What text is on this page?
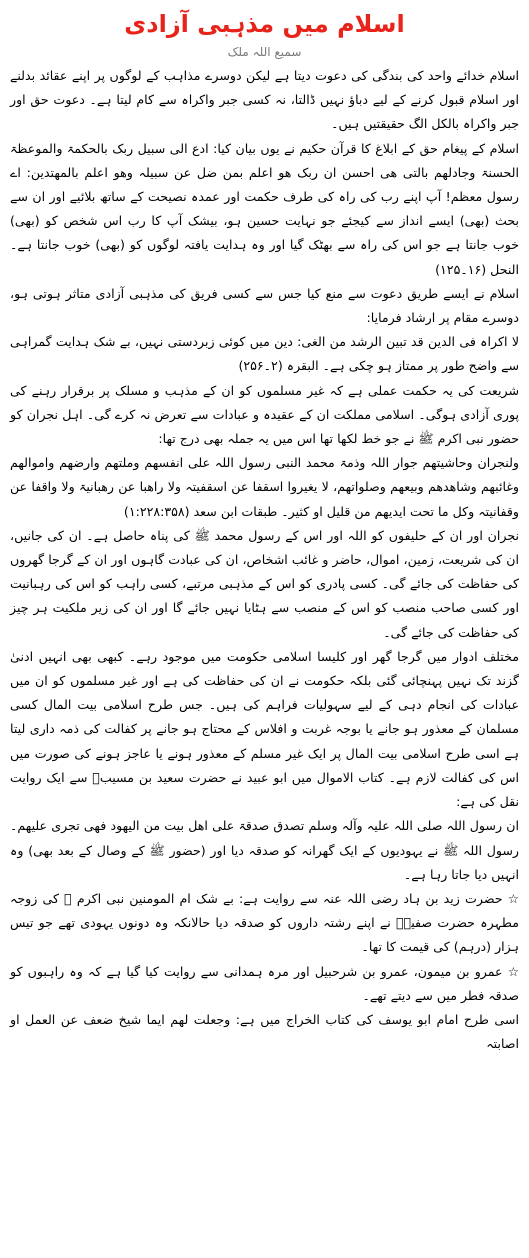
اسلام میں مذہبی آزادی

سمیع اللہ ملک

اسلام خدائے واحد کی بندگی کی دعوت دیتا ہے لیکن دوسرے مذاہب کے لوگوں پر اپنے عقائد بدلنے اور اسلام قبول کرنے کے لیے دباؤ نہیں ڈالتا، نہ کسی جبر واکراہ سے کام لیتا ہے۔ دعوت حق اور جبر واکراہ بالکل الگ حقیقتیں ہیں۔

اسلام کے پیغام حق کے ابلاغ کا قرآن حکیم نے یوں بیان کیا: ادع الی سبیل ربک بالحکمۃ والموعظۃ الحسنۃ وجادلھم بالتی ھی احسن ان ربک ھو اعلم بمن ضل عن سبیلہ وھو اعلم بالمھتدین: اے رسول معظم! آپ اپنے رب کی راہ کی طرف حکمت اور عمدہ نصیحت کے ساتھ بلائیے اور ان سے بحث (بھی) ایسے انداز سے کیجئے جو نہایت حسین ہو، بیشک آپ کا رب اس شخص کو (بھی) خوب جانتا ہے جو اس کی راہ سے بھٹک گیا اور وہ ہدایت یافتہ لوگوں کو (بھی) خوب جانتا ہے۔ النحل (۱۶۔۱۲۵)

اسلام نے ایسے طریق دعوت سے منع کیا جس سے کسی فریق کی مذہبی آزادی متاثر ہوتی ہو، دوسرے مقام پر ارشاد فرمایا:

لا اکراہ فی الدین قد تبین الرشد من الغی: دین میں کوئی زبردستی نہیں، بے شک ہدایت گمراہی سے واضح طور پر ممتاز ہو چکی ہے۔ البقرہ (۲۔۲۵۶)

شریعت کی یہ حکمت عملی ہے کہ غیر مسلموں کو ان کے مذہب و مسلک پر برقرار رہنے کی پوری آزادی ہوگی۔ اسلامی مملکت ان کے عقیدہ و عبادات سے تعرض نہ کرے گی۔ اہل نجران کو حضور نبی اکرم ﷺ نے جو خط لکھا تھا اس میں یہ جملہ بھی درج تھا:

ولنجران وحاشیتھم جوار اللہ وذمۃ محمد النبی رسول اللہ علی انفسھم وملتھم وارضھم واموالھم وغائبھم وشاھدھم وبیعھم وصلواتھم، لا یغیروا اسقفا عن اسقفیتہ ولا راھبا عن رھبانیۃ ولا واقفا عن وقفانیتہ وکل ما تحت ایدیھم من قلیل او کثیر۔ طبقات ابن سعد (۱:۲۲۸:۳۵۸)

نجران اور ان کے حلیفوں کو اللہ اور اس کے رسول محمد ﷺ کی پناہ حاصل ہے۔ ان کی جانیں، ان کی شریعت، زمین، اموال، حاضر و غائب اشخاص، ان کی عبادت گاہوں اور ان کے گرجا گھروں کی حفاظت کی جائے گی۔ کسی پادری کو اس کے مذہبی مرتبے، کسی راہب کو اس کی رہبانیت اور کسی صاحب منصب کو اس کے منصب سے ہٹایا نہیں جائے گا اور ان کی زیر ملکیت ہر چیز کی حفاظت کی جائے گی۔

مختلف ادوار میں گرجا گھر اور کلیسا اسلامی حکومت میں موجود رہے۔ کبھی بھی انہیں ادنیٰ گزند تک نہیں پہنچائی گئی بلکہ حکومت نے ان کی حفاظت کی ہے اور غیر مسلموں کو ان میں عبادات کی انجام دہی کے لیے سہولیات فراہم کی ہیں۔ جس طرح اسلامی بیت المال کسی مسلمان کے معذور ہو جانے یا بوجہ غربت و افلاس کے محتاج ہو جانے پر کفالت کی ذمہ داری لیتا ہے اسی طرح اسلامی بیت المال پر ایک غیر مسلم کے معذور ہونے یا عاجز ہونے کی صورت میں اس کی کفالت لازم ہے۔ کتاب الاموال میں ابو عبید نے حضرت سعید بن مسیبؓ سے ایک روایت نقل کی ہے:

ان رسول اللہ صلی اللہ علیہ وآلہ وسلم تصدق صدقۃ علی اھل بیت من الیھود فھی تجری علیھم۔ رسول اللہ ﷺ نے یہودیوں کے ایک گھرانہ کو صدقہ دیا اور (حضور ﷺ کے وصال کے بعد بھی) وہ انہیں دیا جاتا رہا ہے۔

☆ حضرت زید بن ہاد رضی اللہ عنہ سے روایت ہے: بے شک ام المومنین نبی اکرم ﷺ کی زوجہ مطہرہ حضرت صفیہؓ نے اپنے رشتہ داروں کو صدقہ دیا حالانکہ وہ دونوں یہودی تھے جو تیس ہزار (درہم) کی قیمت کا تھا۔

☆ عمرو بن میمون، عمرو بن شرحبیل اور مرہ ہمدانی سے روایت کیا گیا ہے کہ وہ راہبوں کو صدقہ فطر میں سے دیتے تھے۔

اسی طرح امام ابو یوسف کی کتاب الخراج میں ہے: وجعلت لھم ایما شیخ ضعف عن العمل او اصابتہ
